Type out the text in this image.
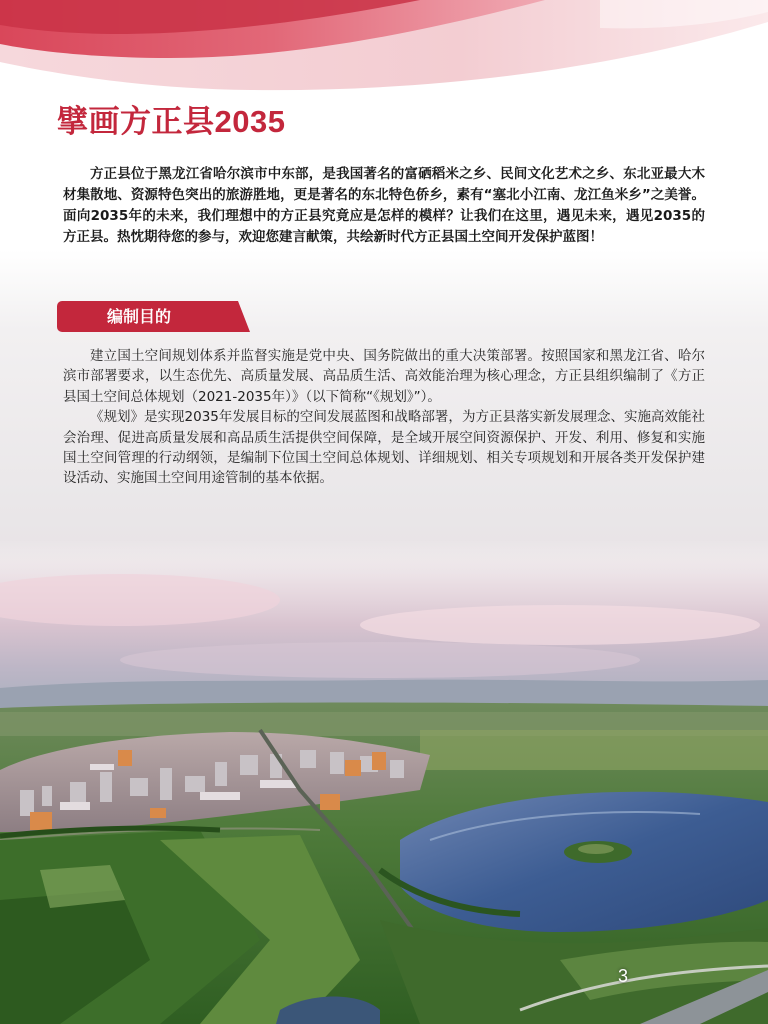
擘画方正县2035

方正县位于黑龙江省哈尔滨市中东部，是我国著名的富硒稻米之乡、民间文化艺术之乡、东北亚最大木材集散地、资源特色突出的旅游胜地，更是著名的东北特色侨乡，素有“塞北小江南、龙江鱼米乡”之美誉。面向2035年的未来，我们理想中的方正县究竟应是怎样的模样？让我们在这里，遇见未来，遇见2035的方正县。热忱期待您的参与，欢迎您建言献策，共绘新时代方正县国土空间开发保护蓝图！

编制目的

建立国土空间规划体系并监督实施是党中央、国务院做出的重大决策部署。按照国家和黑龙江省、哈尔滨市部署要求，以生态优先、高质量发展、高品质生活、高效能治理为核心理念，方正县组织编制了《方正县国土空间总体规划（2021-2035年）》（以下简称“《规划》”）。

《规划》是实现2035年发展目标的空间发展蓝图和战略部署，为方正县落实新发展理念、实施高效能社会治理、促进高质量发展和高品质生活提供空间保障，是全域开展空间资源保护、开发、利用、修复和实施国土空间管理的行动纲领，是编制下位国土空间总体规划、详细规划、相关专项规划和开展各类开发保护建设活动、实施国土空间用途管制的基本依据。

3
